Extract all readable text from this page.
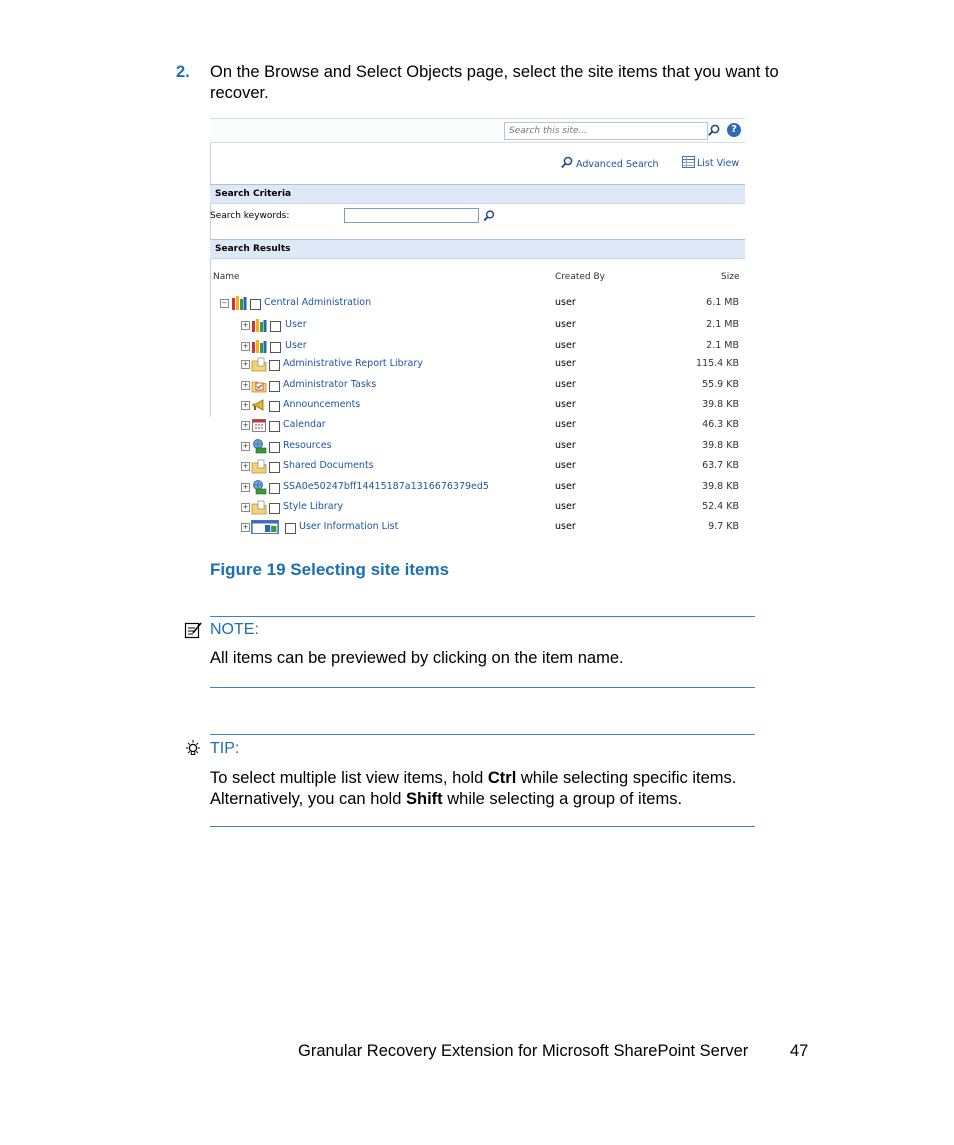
2. On the Browse and Select Objects page, select the site items that you want to recover.
Search this site...
?
Advanced Search	List View
Search Criteria
Search keywords:
Search Results
Name	Created By	Size
−	Central Administration	user	6.1 MB
+	User	user	2.1 MB
+	User	user	2.1 MB
+	Administrative Report Library	user	115.4 KB
+	Administrator Tasks	user	55.9 KB
+	Announcements	user	39.8 KB
+	Calendar	user	46.3 KB
+	Resources	user	39.8 KB
+	Shared Documents	user	63.7 KB
+	SSA0e50247bff14415187a1316676379ed5	user	39.8 KB
+	Style Library	user	52.4 KB
+	User Information List	user	9.7 KB
Figure 19 Selecting site items
NOTE:
All items can be previewed by clicking on the item name.
TIP:
To select multiple list view items, hold Ctrl while selecting specific items.
Alternatively, you can hold Shift while selecting a group of items.
Granular Recovery Extension for Microsoft SharePoint Server	47
